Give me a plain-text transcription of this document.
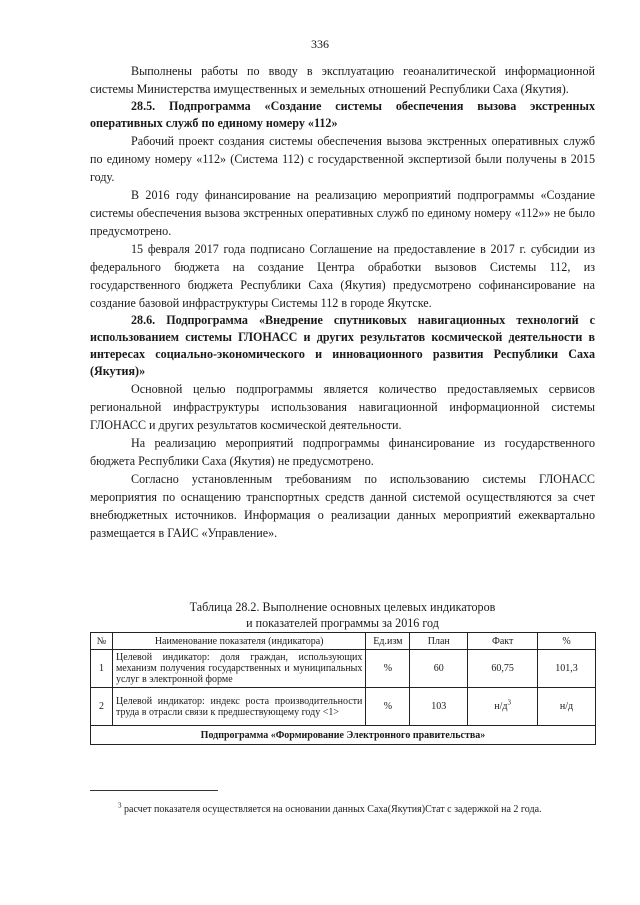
336

Выполнены работы по вводу в эксплуатацию геоаналитической информационной системы Министерства имущественных и земельных отношений Республики Саха (Якутия).

28.5. Подпрограмма «Создание системы обеспечения вызова экстренных оперативных служб по единому номеру «112»

Рабочий проект создания системы обеспечения вызова экстренных оперативных служб по единому номеру «112» (Система 112) с государственной экспертизой были получены в 2015 году.

В 2016 году финансирование на реализацию мероприятий подпрограммы «Создание системы обеспечения вызова экстренных оперативных служб по единому номеру «112»» не было предусмотрено.

15 февраля 2017 года подписано Соглашение на предоставление в 2017 г. субсидии из федерального бюджета на создание Центра обработки вызовов Системы 112, из государственного бюджета Республики Саха (Якутия) предусмотрено софинансирование на создание базовой инфраструктуры Системы 112 в городе Якутске.

28.6. Подпрограмма «Внедрение спутниковых навигационных технологий с использованием системы ГЛОНАСС и других результатов космической деятельности в интересах социально-экономического и инновационного развития Республики Саха (Якутия)»

Основной целью подпрограммы является количество предоставляемых сервисов региональной инфраструктуры использования навигационной информационной системы ГЛОНАСС и других результатов космической деятельности.

На реализацию мероприятий подпрограммы финансирование из государственного бюджета Республики Саха (Якутия) не предусмотрено.

Согласно установленным требованиям по использованию системы ГЛОНАСС мероприятия по оснащению транспортных средств данной системой осуществляются за счет внебюджетных источников. Информация о реализации данных мероприятий ежеквартально размещается в ГАИС «Управление».

Таблица 28.2. Выполнение основных целевых индикаторов
и показателей программы за 2016 год
№	Наименование показателя (индикатора)	Ед.изм	План	Факт	%
1	Целевой индикатор: доля граждан, использующих механизм получения государственных и муниципальных услуг в электронной форме	%	60	60,75	101,3
2	Целевой индикатор: индекс роста производительности труда в отрасли связи к предшествующему году <1>	%	103	$н/д^3$	н/д
Подпрограмма «Формирование Электронного правительства»					
$^3$ расчет показателя осуществляется на основании данных Саха(Якутия)Стат с задержкой на 2 года.
